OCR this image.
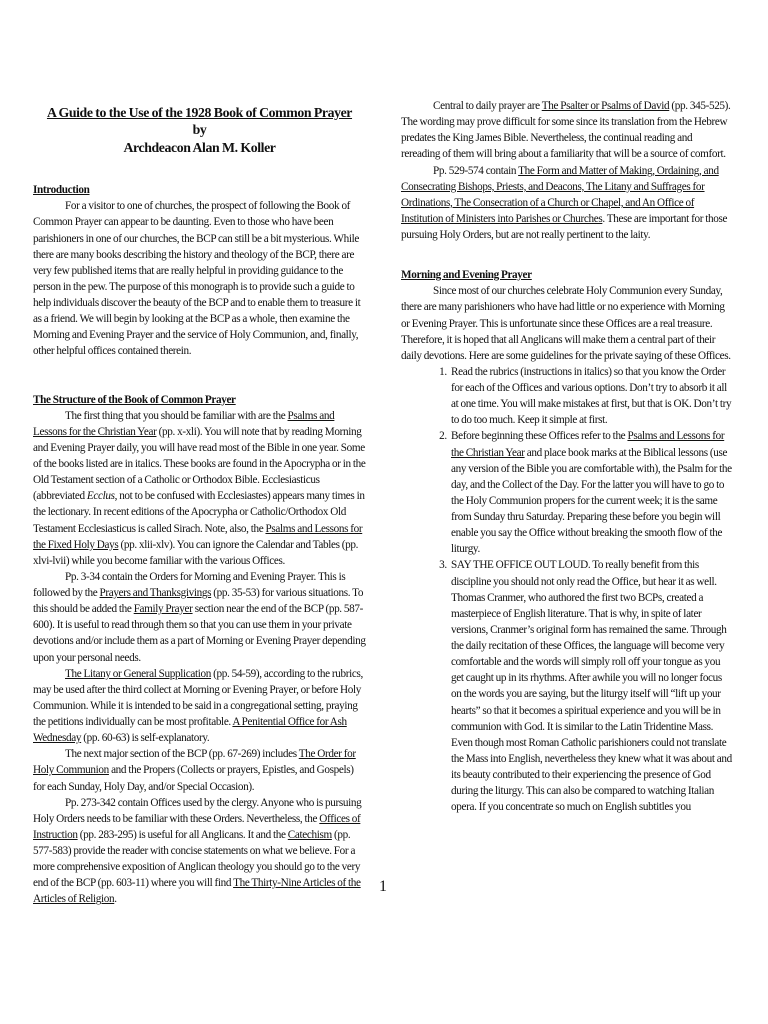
A Guide to the Use of the 1928 Book of Common Prayer
by
Archdeacon Alan M. Koller

Introduction

For a visitor to one of churches, the prospect of following the Book of Common Prayer can appear to be daunting. Even to those who have been parishioners in one of our churches, the BCP can still be a bit mysterious. While there are many books describing the history and theology of the BCP, there are very few published items that are really helpful in providing guidance to the person in the pew. The purpose of this monograph is to provide such a guide to help individuals discover the beauty of the BCP and to enable them to treasure it as a friend. We will begin by looking at the BCP as a whole, then examine the Morning and Evening Prayer and the service of Holy Communion, and, finally, other helpful offices contained therein.

The Structure of the Book of Common Prayer

The first thing that you should be familiar with are the Psalms and Lessons for the Christian Year (pp. x-xli). You will note that by reading Morning and Evening Prayer daily, you will have read most of the Bible in one year. Some of the books listed are in italics. These books are found in the Apocrypha or in the Old Testament section of a Catholic or Orthodox Bible. Ecclesiasticus (abbreviated Ecclus, not to be confused with Ecclesiastes) appears many times in the lectionary. In recent editions of the Apocrypha or Catholic/Orthodox Old Testament Ecclesiasticus is called Sirach. Note, also, the Psalms and Lessons for the Fixed Holy Days (pp. xlii-xlv). You can ignore the Calendar and Tables (pp. xlvi-lvii) while you become familiar with the various Offices.

Pp. 3-34 contain the Orders for Morning and Evening Prayer. This is followed by the Prayers and Thanksgivings (pp. 35-53) for various situations. To this should be added the Family Prayer section near the end of the BCP (pp. 587-600). It is useful to read through them so that you can use them in your private devotions and/or include them as a part of Morning or Evening Prayer depending upon your personal needs.

The Litany or General Supplication (pp. 54-59), according to the rubrics, may be used after the third collect at Morning or Evening Prayer, or before Holy Communion. While it is intended to be said in a congregational setting, praying the petitions individually can be most profitable. A Penitential Office for Ash Wednesday (pp. 60-63) is self-explanatory.

The next major section of the BCP (pp. 67-269) includes The Order for Holy Communion and the Propers (Collects or prayers, Epistles, and Gospels) for each Sunday, Holy Day, and/or Special Occasion).

Pp. 273-342 contain Offices used by the clergy. Anyone who is pursuing Holy Orders needs to be familiar with these Orders. Nevertheless, the Offices of Instruction (pp. 283-295) is useful for all Anglicans. It and the Catechism (pp. 577-583) provide the reader with concise statements on what we believe. For a more comprehensive exposition of Anglican theology you should go to the very end of the BCP (pp. 603-11) where you will find The Thirty-Nine Articles of the Articles of Religion.

Central to daily prayer are The Psalter or Psalms of David (pp. 345-525). The wording may prove difficult for some since its translation from the Hebrew predates the King James Bible. Nevertheless, the continual reading and rereading of them will bring about a familiarity that will be a source of comfort.

Pp. 529-574 contain The Form and Matter of Making, Ordaining, and Consecrating Bishops, Priests, and Deacons, The Litany and Suffrages for Ordinations, The Consecration of a Church or Chapel, and An Office of Institution of Ministers into Parishes or Churches. These are important for those pursuing Holy Orders, but are not really pertinent to the laity.

Morning and Evening Prayer

Since most of our churches celebrate Holy Communion every Sunday, there are many parishioners who have had little or no experience with Morning or Evening Prayer. This is unfortunate since these Offices are a real treasure. Therefore, it is hoped that all Anglicans will make them a central part of their daily devotions. Here are some guidelines for the private saying of these Offices.

1. Read the rubrics (instructions in italics) so that you know the Order for each of the Offices and various options. Don’t try to absorb it all at one time. You will make mistakes at first, but that is OK. Don’t try to do too much. Keep it simple at first.
2. Before beginning these Offices refer to the Psalms and Lessons for the Christian Year and place book marks at the Biblical lessons (use any version of the Bible you are comfortable with), the Psalm for the day, and the Collect of the Day. For the latter you will have to go to the Holy Communion propers for the current week; it is the same from Sunday thru Saturday. Preparing these before you begin will enable you say the Office without breaking the smooth flow of the liturgy.
3. SAY THE OFFICE OUT LOUD. To really benefit from this discipline you should not only read the Office, but hear it as well. Thomas Cranmer, who authored the first two BCPs, created a masterpiece of English literature. That is why, in spite of later versions, Cranmer’s original form has remained the same. Through the daily recitation of these Offices, the language will become very comfortable and the words will simply roll off your tongue as you get caught up in its rhythms. After awhile you will no longer focus on the words you are saying, but the liturgy itself will “lift up your hearts” so that it becomes a spiritual experience and you will be in communion with God. It is similar to the Latin Tridentine Mass. Even though most Roman Catholic parishioners could not translate the Mass into English, nevertheless they knew what it was about and its beauty contributed to their experiencing the presence of God during the liturgy. This can also be compared to watching Italian opera. If you concentrate so much on English subtitles you
1
